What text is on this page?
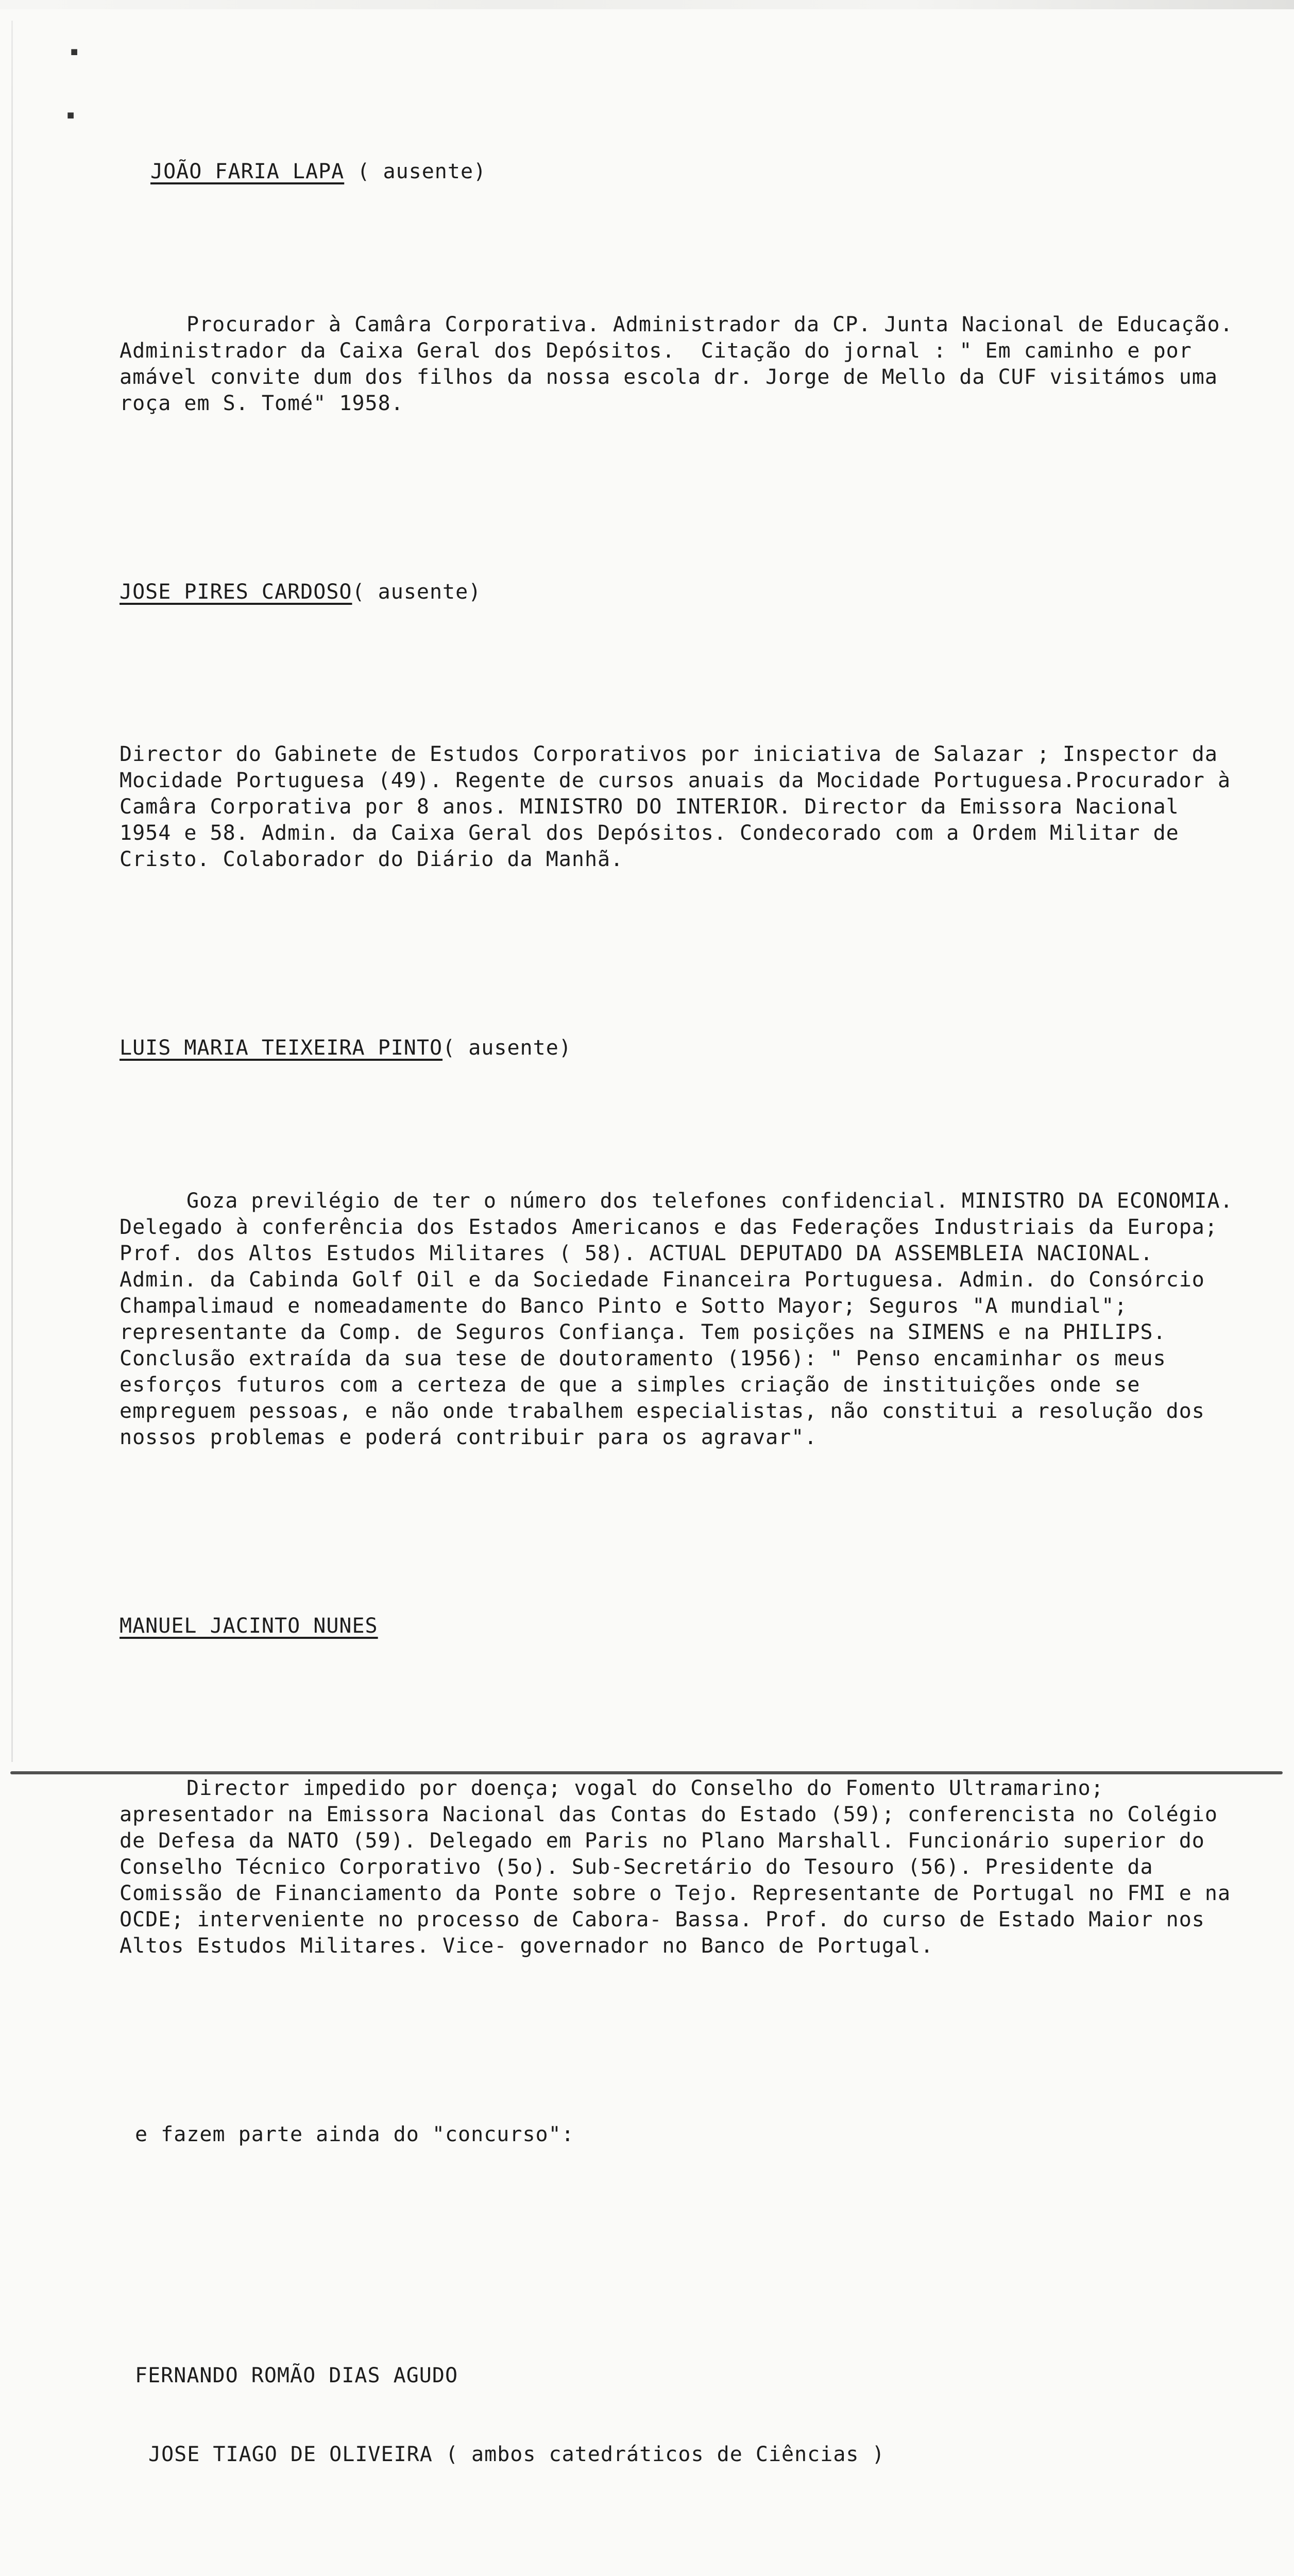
▪
▪

JOÃO FARIA LAPA ( ausente)

Procurador à Camâra Corporativa. Administrador da CP. Junta Nacional de Educação. Administrador da Caixa Geral dos Depósitos.  Citação do jornal : " Em caminho e por amável convite dum dos filhos da nossa escola dr. Jorge de Mello da CUF visitámos uma roça em S. Tomé" 1958.

JOSE PIRES CARDOSO( ausente)

Director do Gabinete de Estudos Corporativos por iniciativa de Salazar ; Inspector da Mocidade Portuguesa (49). Regente de cursos anuais da Mocidade Portuguesa.Procurador à Camâra Corporativa por 8 anos. MINISTRO DO INTERIOR. Director da Emissora Nacional 1954 e 58. Admin. da Caixa Geral dos Depósitos. Condecorado com a Ordem Militar de Cristo. Colaborador do Diário da Manhã.

LUIS MARIA TEIXEIRA PINTO( ausente)

Goza previlégio de ter o número dos telefones confidencial. MINISTRO DA ECONOMIA. Delegado à conferência dos Estados Americanos e das Federações Industriais da Europa; Prof. dos Altos Estudos Militares ( 58). ACTUAL DEPUTADO DA ASSEMBLEIA NACIONAL. Admin. da Cabinda Golf Oil e da Sociedade Financeira Portuguesa. Admin. do Consórcio Champalimaud e nomeadamente do Banco Pinto e Sotto Mayor; Seguros "A mundial"; representante da Comp. de Seguros Confiança. Tem posições na SIMENS e na PHILIPS. Conclusão extraída da sua tese de doutoramento (1956): " Penso encaminhar os meus esforços futuros com a certeza de que a simples criação de instituições onde se empreguem pessoas, e não onde trabalhem especialistas, não constitui a resolução dos nossos problemas e poderá contribuir para os agravar".

MANUEL JACINTO NUNES

Director impedido por doença; vogal do Conselho do Fomento Ultramarino; apresentador na Emissora Nacional das Contas do Estado (59); conferencista no Colégio de Defesa da NATO (59). Delegado em Paris no Plano Marshall. Funcionário superior do Conselho Técnico Corporativo (5o). Sub-Secretário do Tesouro (56). Presidente da Comissão de Financiamento da Ponte sobre o Tejo. Representante de Portugal no FMI e na OCDE; interveniente no processo de Cabora- Bassa. Prof. do curso de Estado Maior nos Altos Estudos Militares. Vice- governador no Banco de Portugal.

e fazem parte ainda do "concurso":

FERNANDO ROMÃO DIAS AGUDO

JOSE TIAGO DE OLIVEIRA ( ambos catedráticos de Ciências )
